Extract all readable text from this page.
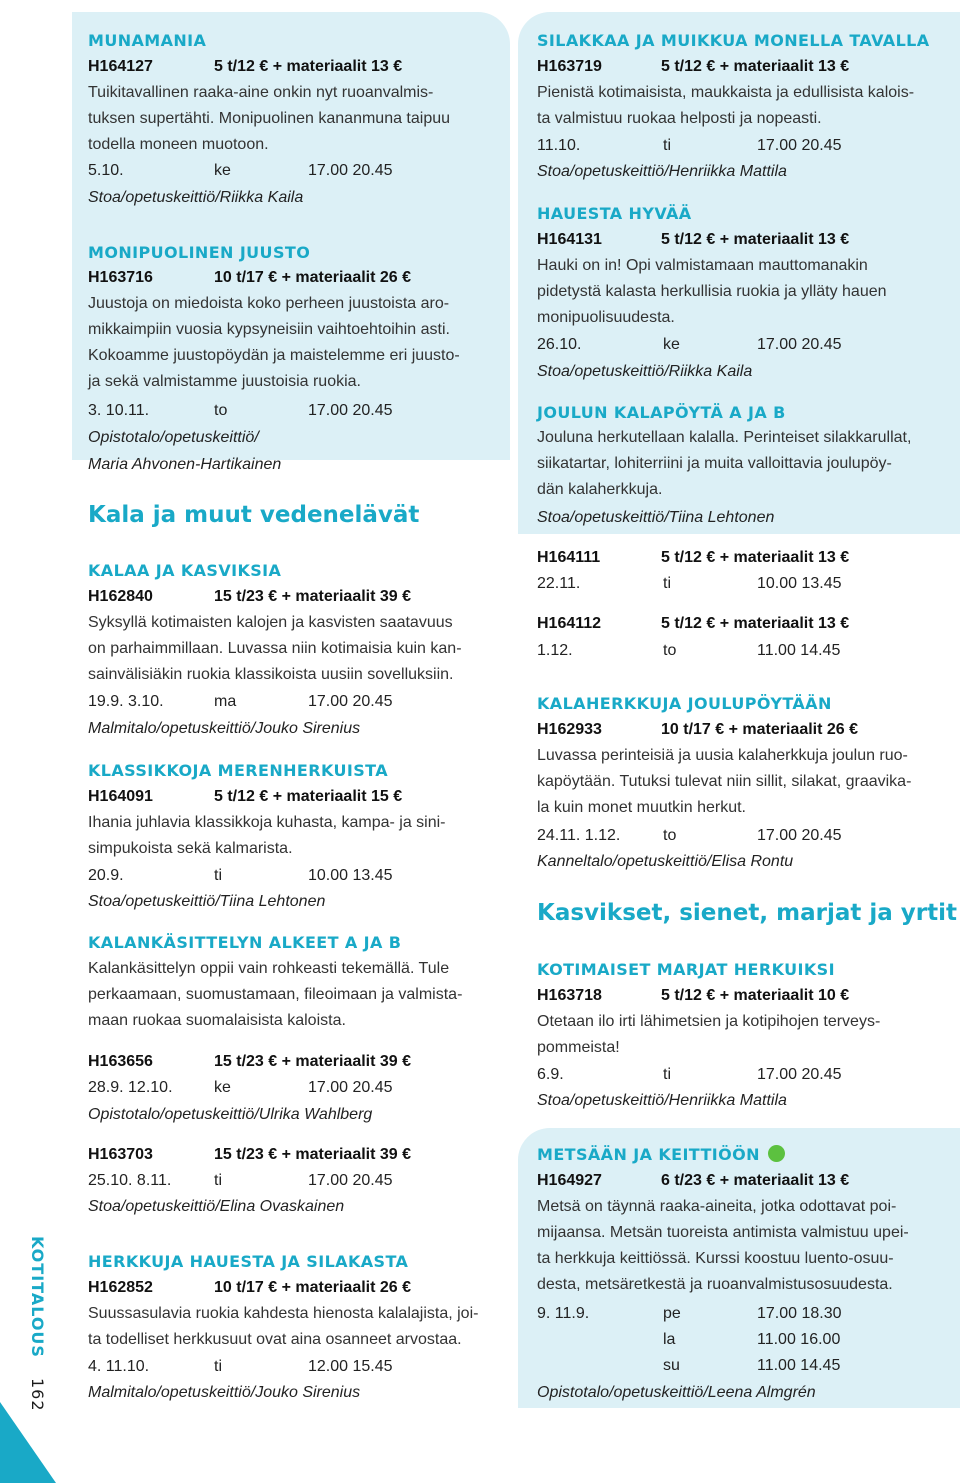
KOTITALOUS 162
MUNAMANIA
H164127	5 t/12 € + materiaalit 13 €
Tuikitavallinen raaka-aine onkin nyt ruoanvalmis-
tuksen supertähti. Monipuolinen kananmuna taipuu
todella moneen muotoon.
5.10.	ke	17.00 20.45
Stoa/opetuskeittiö/Riikka Kaila
MONIPUOLINEN JUUSTO
H163716	10 t/17 € + materiaalit 26 €
Juustoja on miedoista koko perheen juustoista aro-
mikkaimpiin vuosia kypsyneisiin vaihtoehtoihin asti.
Kokoamme juustopöydän ja maistelemme eri juusto-
ja sekä valmistamme juustoisia ruokia.
3. 10.11.	to	17.00 20.45
Opistotalo/opetuskeittiö/
Maria Ahvonen-Hartikainen
Kala ja muut vedenelävät
KALAA JA KASVIKSIA
H162840	15 t/23 € + materiaalit 39 €
Syksyllä kotimaisten kalojen ja kasvisten saatavuus
on parhaimmillaan. Luvassa niin kotimaisia kuin kan-
sainvälisiäkin ruokia klassikoista uusiin sovelluksiin.
19.9. 3.10.	ma	17.00 20.45
Malmitalo/opetuskeittiö/Jouko Sirenius
KLASSIKKOJA MERENHERKUISTA
H164091	5 t/12 € + materiaalit 15 €
Ihania juhlavia klassikkoja kuhasta, kampa- ja sini-
simpukoista sekä kalmarista.
20.9.	ti	10.00 13.45
Stoa/opetuskeittiö/Tiina Lehtonen
KALANKÄSITTELYN ALKEET A JA B
Kalankäsittelyn oppii vain rohkeasti tekemällä. Tule
perkaamaan, suomustamaan, fileoimaan ja valmista-
maan ruokaa suomalaisista kaloista.
H163656	15 t/23 € + materiaalit 39 €
28.9. 12.10.	ke	17.00 20.45
Opistotalo/opetuskeittiö/Ulrika Wahlberg
H163703	15 t/23 € + materiaalit 39 €
25.10. 8.11.	ti	17.00 20.45
Stoa/opetuskeittiö/Elina Ovaskainen
HERKKUJA HAUESTA JA SILAKASTA
H162852	10 t/17 € + materiaalit 26 €
Suussasulavia ruokia kahdesta hienosta kalalajista, joi-
ta todelliset herkkusuut ovat aina osanneet arvostaa.
4. 11.10.	ti	12.00 15.45
Malmitalo/opetuskeittiö/Jouko Sirenius
SILAKKAA JA MUIKKUA MONELLA TAVALLA
H163719	5 t/12 € + materiaalit 13 €
Pienistä kotimaisista, maukkaista ja edullisista kalois-
ta valmistuu ruokaa helposti ja nopeasti.
11.10.	ti	17.00 20.45
Stoa/opetuskeittiö/Henriikka Mattila
HAUESTA HYVÄÄ
H164131	5 t/12 € + materiaalit 13 €
Hauki on in! Opi valmistamaan mauttomanakin
pidetystä kalasta herkullisia ruokia ja ylläty hauen
monipuolisuudesta.
26.10.	ke	17.00 20.45
Stoa/opetuskeittiö/Riikka Kaila
JOULUN KALAPÖYTÄ A JA B
Jouluna herkutellaan kalalla. Perinteiset silakkarullat,
siikatartar, lohiterriini ja muita valloittavia joulupöy-
dän kalaherkkuja.
Stoa/opetuskeittiö/Tiina Lehtonen
H164111	5 t/12 € + materiaalit 13 €
22.11.	ti	10.00 13.45
H164112	5 t/12 € + materiaalit 13 €
1.12.	to	11.00 14.45
KALAHERKKUJA JOULUPÖYTÄÄN
H162933	10 t/17 € + materiaalit 26 €
Luvassa perinteisiä ja uusia kalaherkkuja joulun ruo-
kapöytään. Tutuksi tulevat niin sillit, silakat, graavika-
la kuin monet muutkin herkut.
24.11. 1.12.	to	17.00 20.45
Kanneltalo/opetuskeittiö/Elisa Rontu
Kasvikset, sienet, marjat ja yrtit
KOTIMAISET MARJAT HERKUIKSI
H163718	5 t/12 € + materiaalit 10 €
Otetaan ilo irti lähimetsien ja kotipihojen terveys-
pommeista!
6.9.	ti	17.00 20.45
Stoa/opetuskeittiö/Henriikka Mattila
METSÄÄN JA KEITTIÖÖN
H164927	6 t/23 € + materiaalit 13 €
Metsä on täynnä raaka-aineita, jotka odottavat poi-
mijaansa. Metsän tuoreista antimista valmistuu upei-
ta herkkuja keittiössä. Kurssi koostuu luento-osuu-
desta, metsäretkestä ja ruoanvalmistusosuudesta.
9. 11.9.	pe	17.00 18.30
la	11.00 16.00
su	11.00 14.45
Opistotalo/opetuskeittiö/Leena Almgrén
